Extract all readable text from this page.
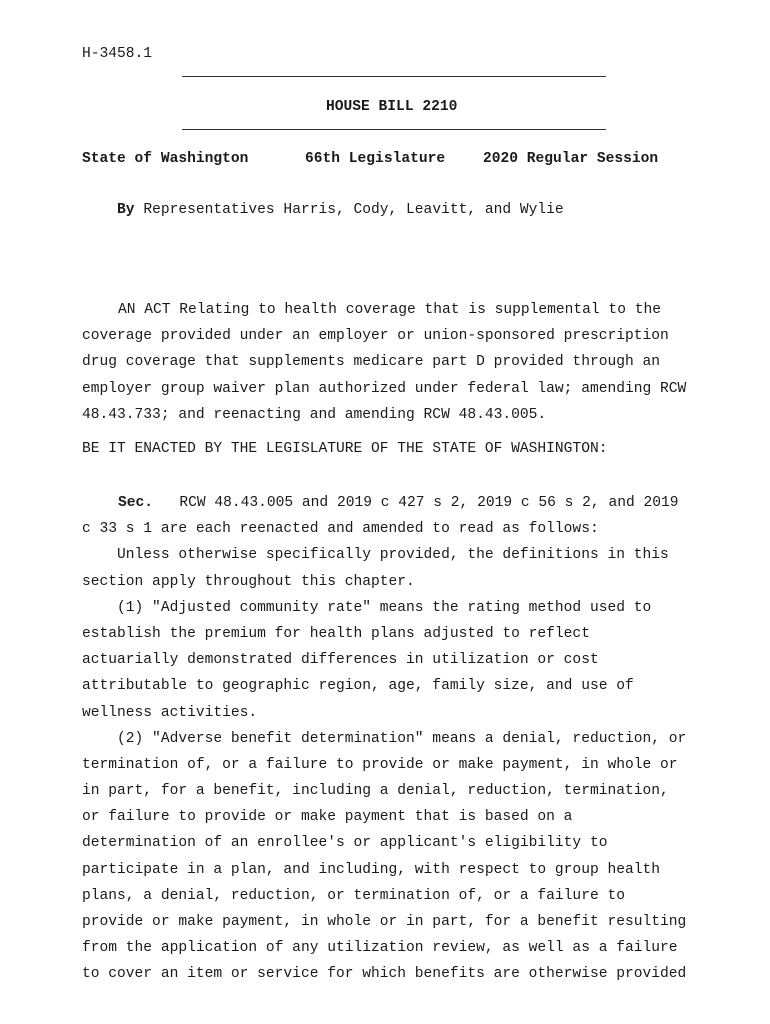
H-3458.1
HOUSE BILL 2210
State of Washington	66th Legislature	2020 Regular Session

By Representatives Harris, Cody, Leavitt, and Wylie

AN ACT Relating to health coverage that is supplemental to the
coverage provided under an employer or union-sponsored prescription
drug coverage that supplements medicare part D provided through an
employer group waiver plan authorized under federal law; amending RCW
48.43.733; and reenacting and amending RCW 48.43.005.
BE IT ENACTED BY THE LEGISLATURE OF THE STATE OF WASHINGTON:
Sec. RCW 48.43.005 and 2019 c 427 s 2, 2019 c 56 s 2, and 2019
c 33 s 1 are each reenacted and amended to read as follows:
Unless otherwise specifically provided, the definitions in this
section apply throughout this chapter.
(1) "Adjusted community rate" means the rating method used to
establish the premium for health plans adjusted to reflect
actuarially demonstrated differences in utilization or cost
attributable to geographic region, age, family size, and use of
wellness activities.
(2) "Adverse benefit determination" means a denial, reduction, or
termination of, or a failure to provide or make payment, in whole or
in part, for a benefit, including a denial, reduction, termination,
or failure to provide or make payment that is based on a
determination of an enrollee's or applicant's eligibility to
participate in a plan, and including, with respect to group health
plans, a denial, reduction, or termination of, or a failure to
provide or make payment, in whole or in part, for a benefit resulting
from the application of any utilization review, as well as a failure
to cover an item or service for which benefits are otherwise provided
